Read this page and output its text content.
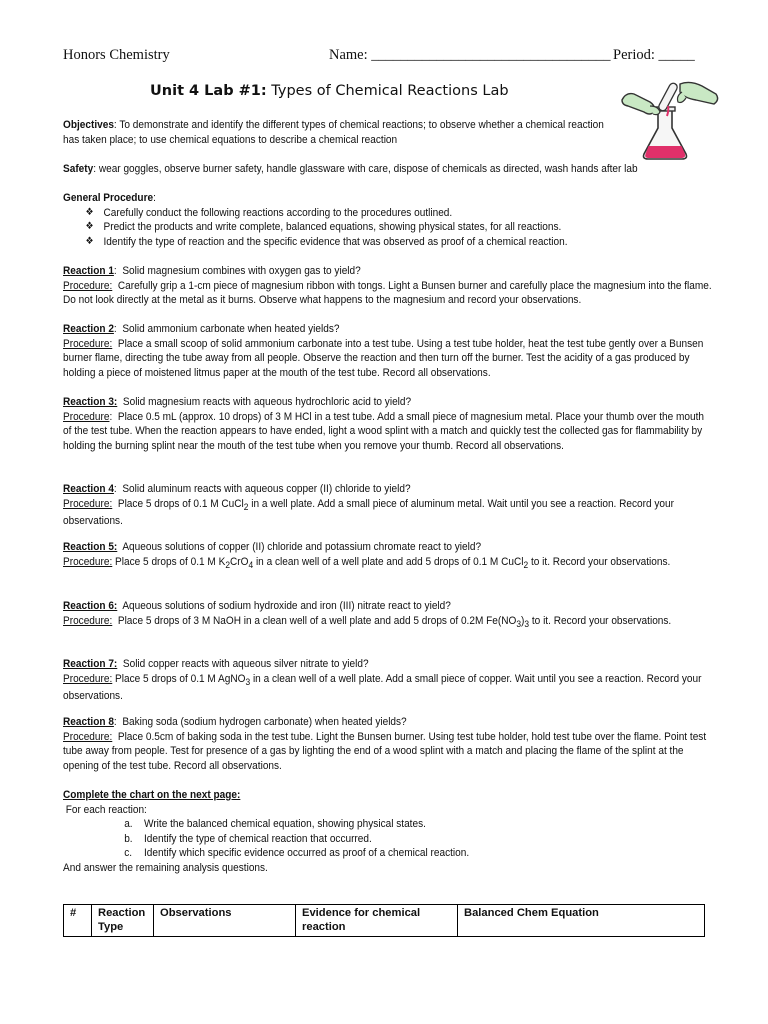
Honors Chemistry	Name: _________________________________ Period: _____
Unit 4 Lab #1: Types of Chemical Reactions Lab

Objectives: To demonstrate and identify the different types of chemical reactions; to observe whether a chemical reaction has taken place; to use chemical equations to describe a chemical reaction

Safety: wear goggles, observe burner safety, handle glassware with care, dispose of chemicals as directed, wash hands after lab

General Procedure:

❖ Carefully conduct the following reactions according to the procedures outlined.
❖ Predict the products and write complete, balanced equations, showing physical states, for all reactions.
❖ Identify the type of reaction and the specific evidence that was observed as proof of a chemical reaction.

Reaction 1:  Solid magnesium combines with oxygen gas to yield?

Procedure: Carefully grip a 1-cm piece of magnesium ribbon with tongs. Light a Bunsen burner and carefully place the magnesium into the flame. Do not look directly at the metal as it burns. Observe what happens to the magnesium and record your observations.

Reaction 2:  Solid ammonium carbonate when heated yields?

Procedure: Place a small scoop of solid ammonium carbonate into a test tube. Using a test tube holder, heat the test tube gently over a Bunsen burner flame, directing the tube away from all people. Observe the reaction and then turn off the burner. Test the acidity of a gas produced by holding a piece of moistened litmus paper at the mouth of the test tube. Record all observations.

Reaction 3: Solid magnesium reacts with aqueous hydrochloric acid to yield?

Procedure:  Place 0.5 mL (approx. 10 drops) of 3 M HCl in a test tube. Add a small piece of magnesium metal. Place your thumb over the mouth of the test tube. When the reaction appears to have ended, light a wood splint with a match and quickly test the collected gas for flammability by holding the burning splint near the mouth of the test tube when you remove your thumb. Record all observations.

Reaction 4:  Solid aluminum reacts with aqueous copper (II) chloride to yield?

Procedure: Place 5 drops of 0.1 M CuCl$_2$ in a well plate. Add a small piece of aluminum metal. Wait until you see a reaction. Record your observations.

Reaction 5: Aqueous solutions of copper (II) chloride and potassium chromate react to yield?

Procedure: Place 5 drops of 0.1 M $K_2CrO_4$ in a clean well of a well plate and add 5 drops of 0.1 M CuCl$_2$ to it. Record your observations.

Reaction 6: Aqueous solutions of sodium hydroxide and iron (III) nitrate react to yield?

Procedure: Place 5 drops of 3 M NaOH in a clean well of a well plate and add 5 drops of 0.2M $Fe(NO_3)_3$ to it. Record your observations.

Reaction 7: Solid copper reacts with aqueous silver nitrate to yield?

Procedure: Place 5 drops of 0.1 M AgNO$_3$ in a clean well of a well plate. Add a small piece of copper. Wait until you see a reaction. Record your observations.

Reaction 8:  Baking soda (sodium hydrogen carbonate) when heated yields?

Procedure: Place 0.5cm of baking soda in the test tube. Light the Bunsen burner. Using test tube holder, hold test tube over the flame. Point test tube away from people. Test for presence of a gas by lighting the end of a wood splint with a match and placing the flame of the splint at the opening of the test tube. Record all observations.

Complete the chart on the next page:

For each reaction:

a. Write the balanced chemical equation, showing physical states.
b. Identify the type of chemical reaction that occurred.
c. Identify which specific evidence occurred as proof of a chemical reaction.

And answer the remaining analysis questions.

#	Reaction Type	Observations	Evidence for chemical reaction	Balanced Chem Equation
